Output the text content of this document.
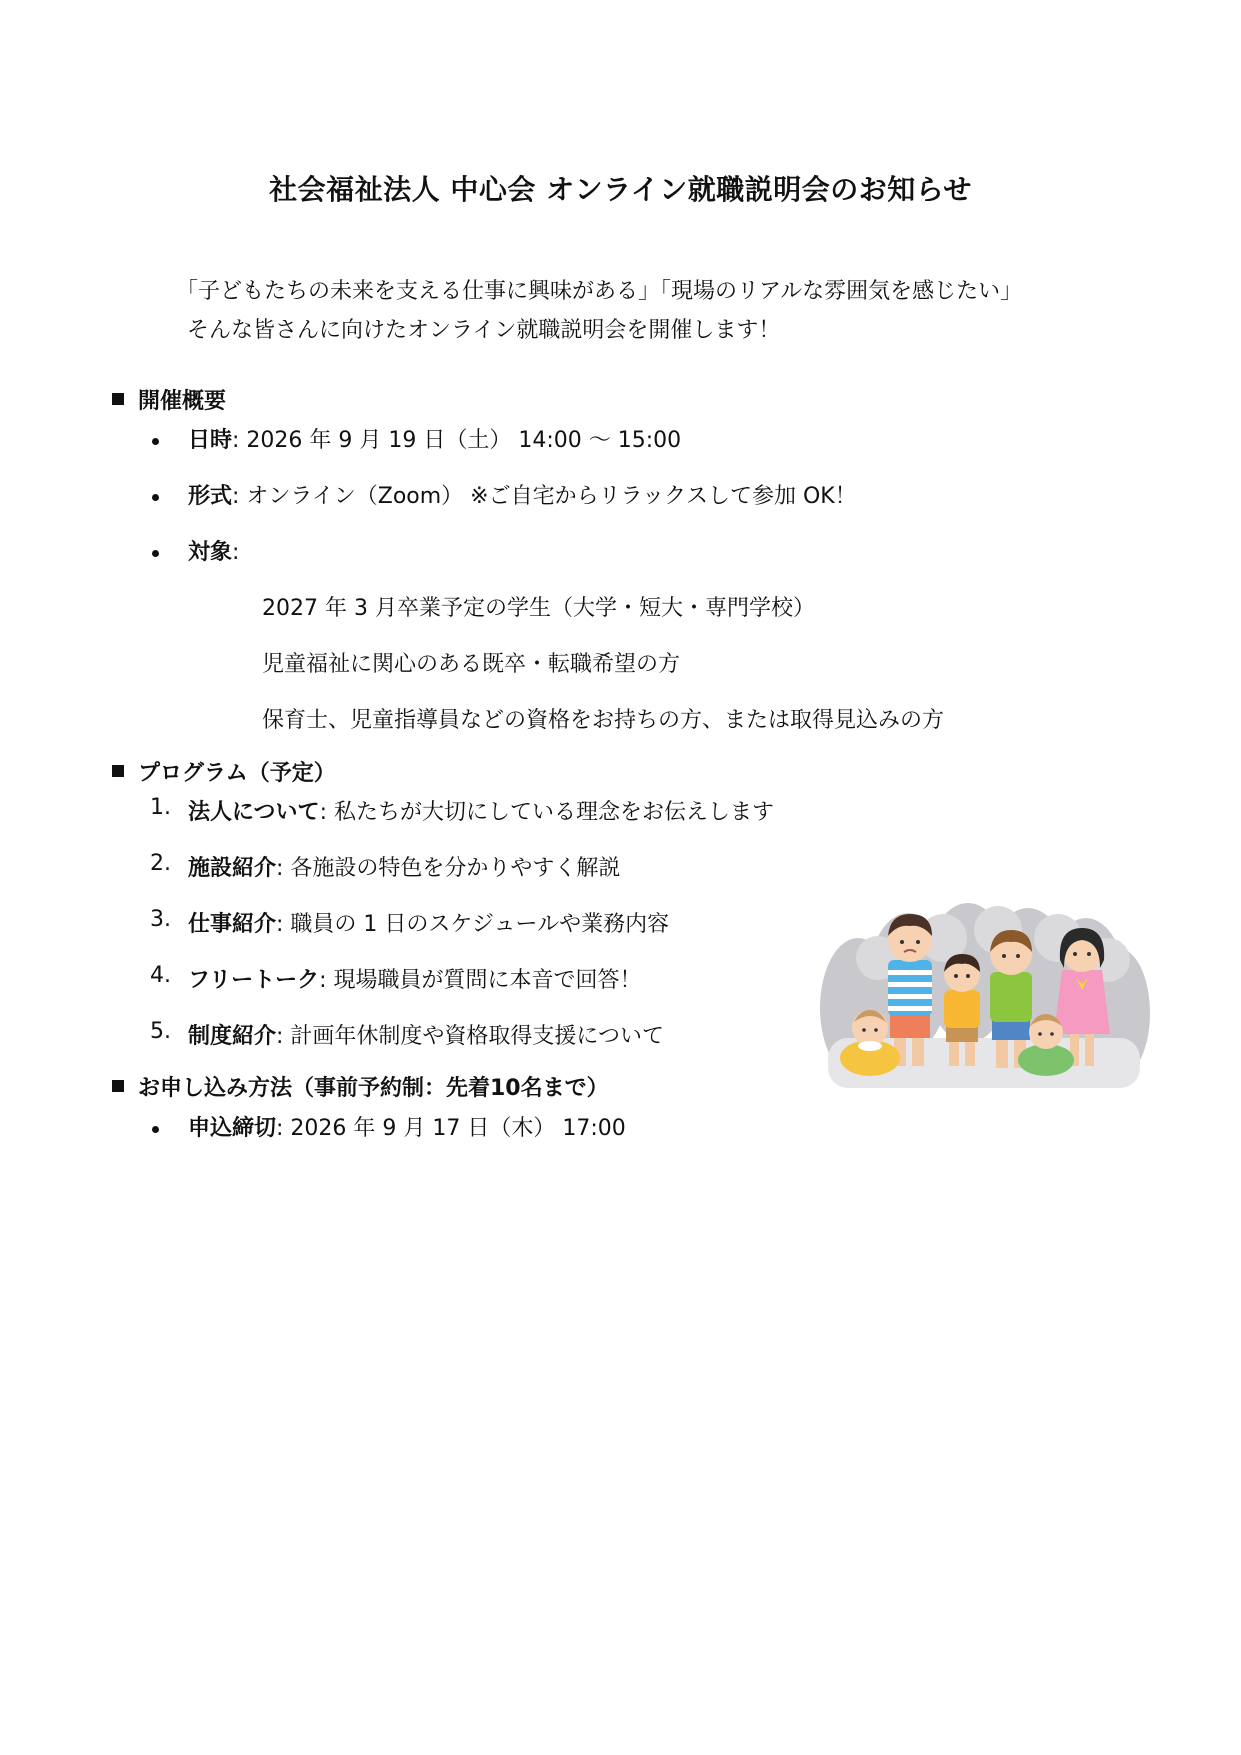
社会福祉法人 中心会 オンライン就職説明会のお知らせ
「子どもたちの未来を支える仕事に興味がある」「現場のリアルな雰囲気を感じたい」
そんな皆さんに向けたオンライン就職説明会を開催します！
開催概要
日時: 2026 年 9 月 19 日（土） 14:00 ～ 15:00
形式: オンライン（Zoom） ※ご自宅からリラックスして参加 OK！
対象:
2027 年 3 月卒業予定の学生（大学・短大・専門学校）
児童福祉に関心のある既卒・転職希望の方
保育士、児童指導員などの資格をお持ちの方、または取得見込みの方
プログラム（予定）
1. 法人について: 私たちが大切にしている理念をお伝えします
2. 施設紹介: 各施設の特色を分かりやすく解説
3. 仕事紹介: 職員の 1 日のスケジュールや業務内容
4. フリートーク: 現場職員が質問に本音で回答！
5. 制度紹介: 計画年休制度や資格取得支援について
お申し込み方法（事前予約制：先着10名まで）
申込締切: 2026 年 9 月 17 日（木） 17:00
